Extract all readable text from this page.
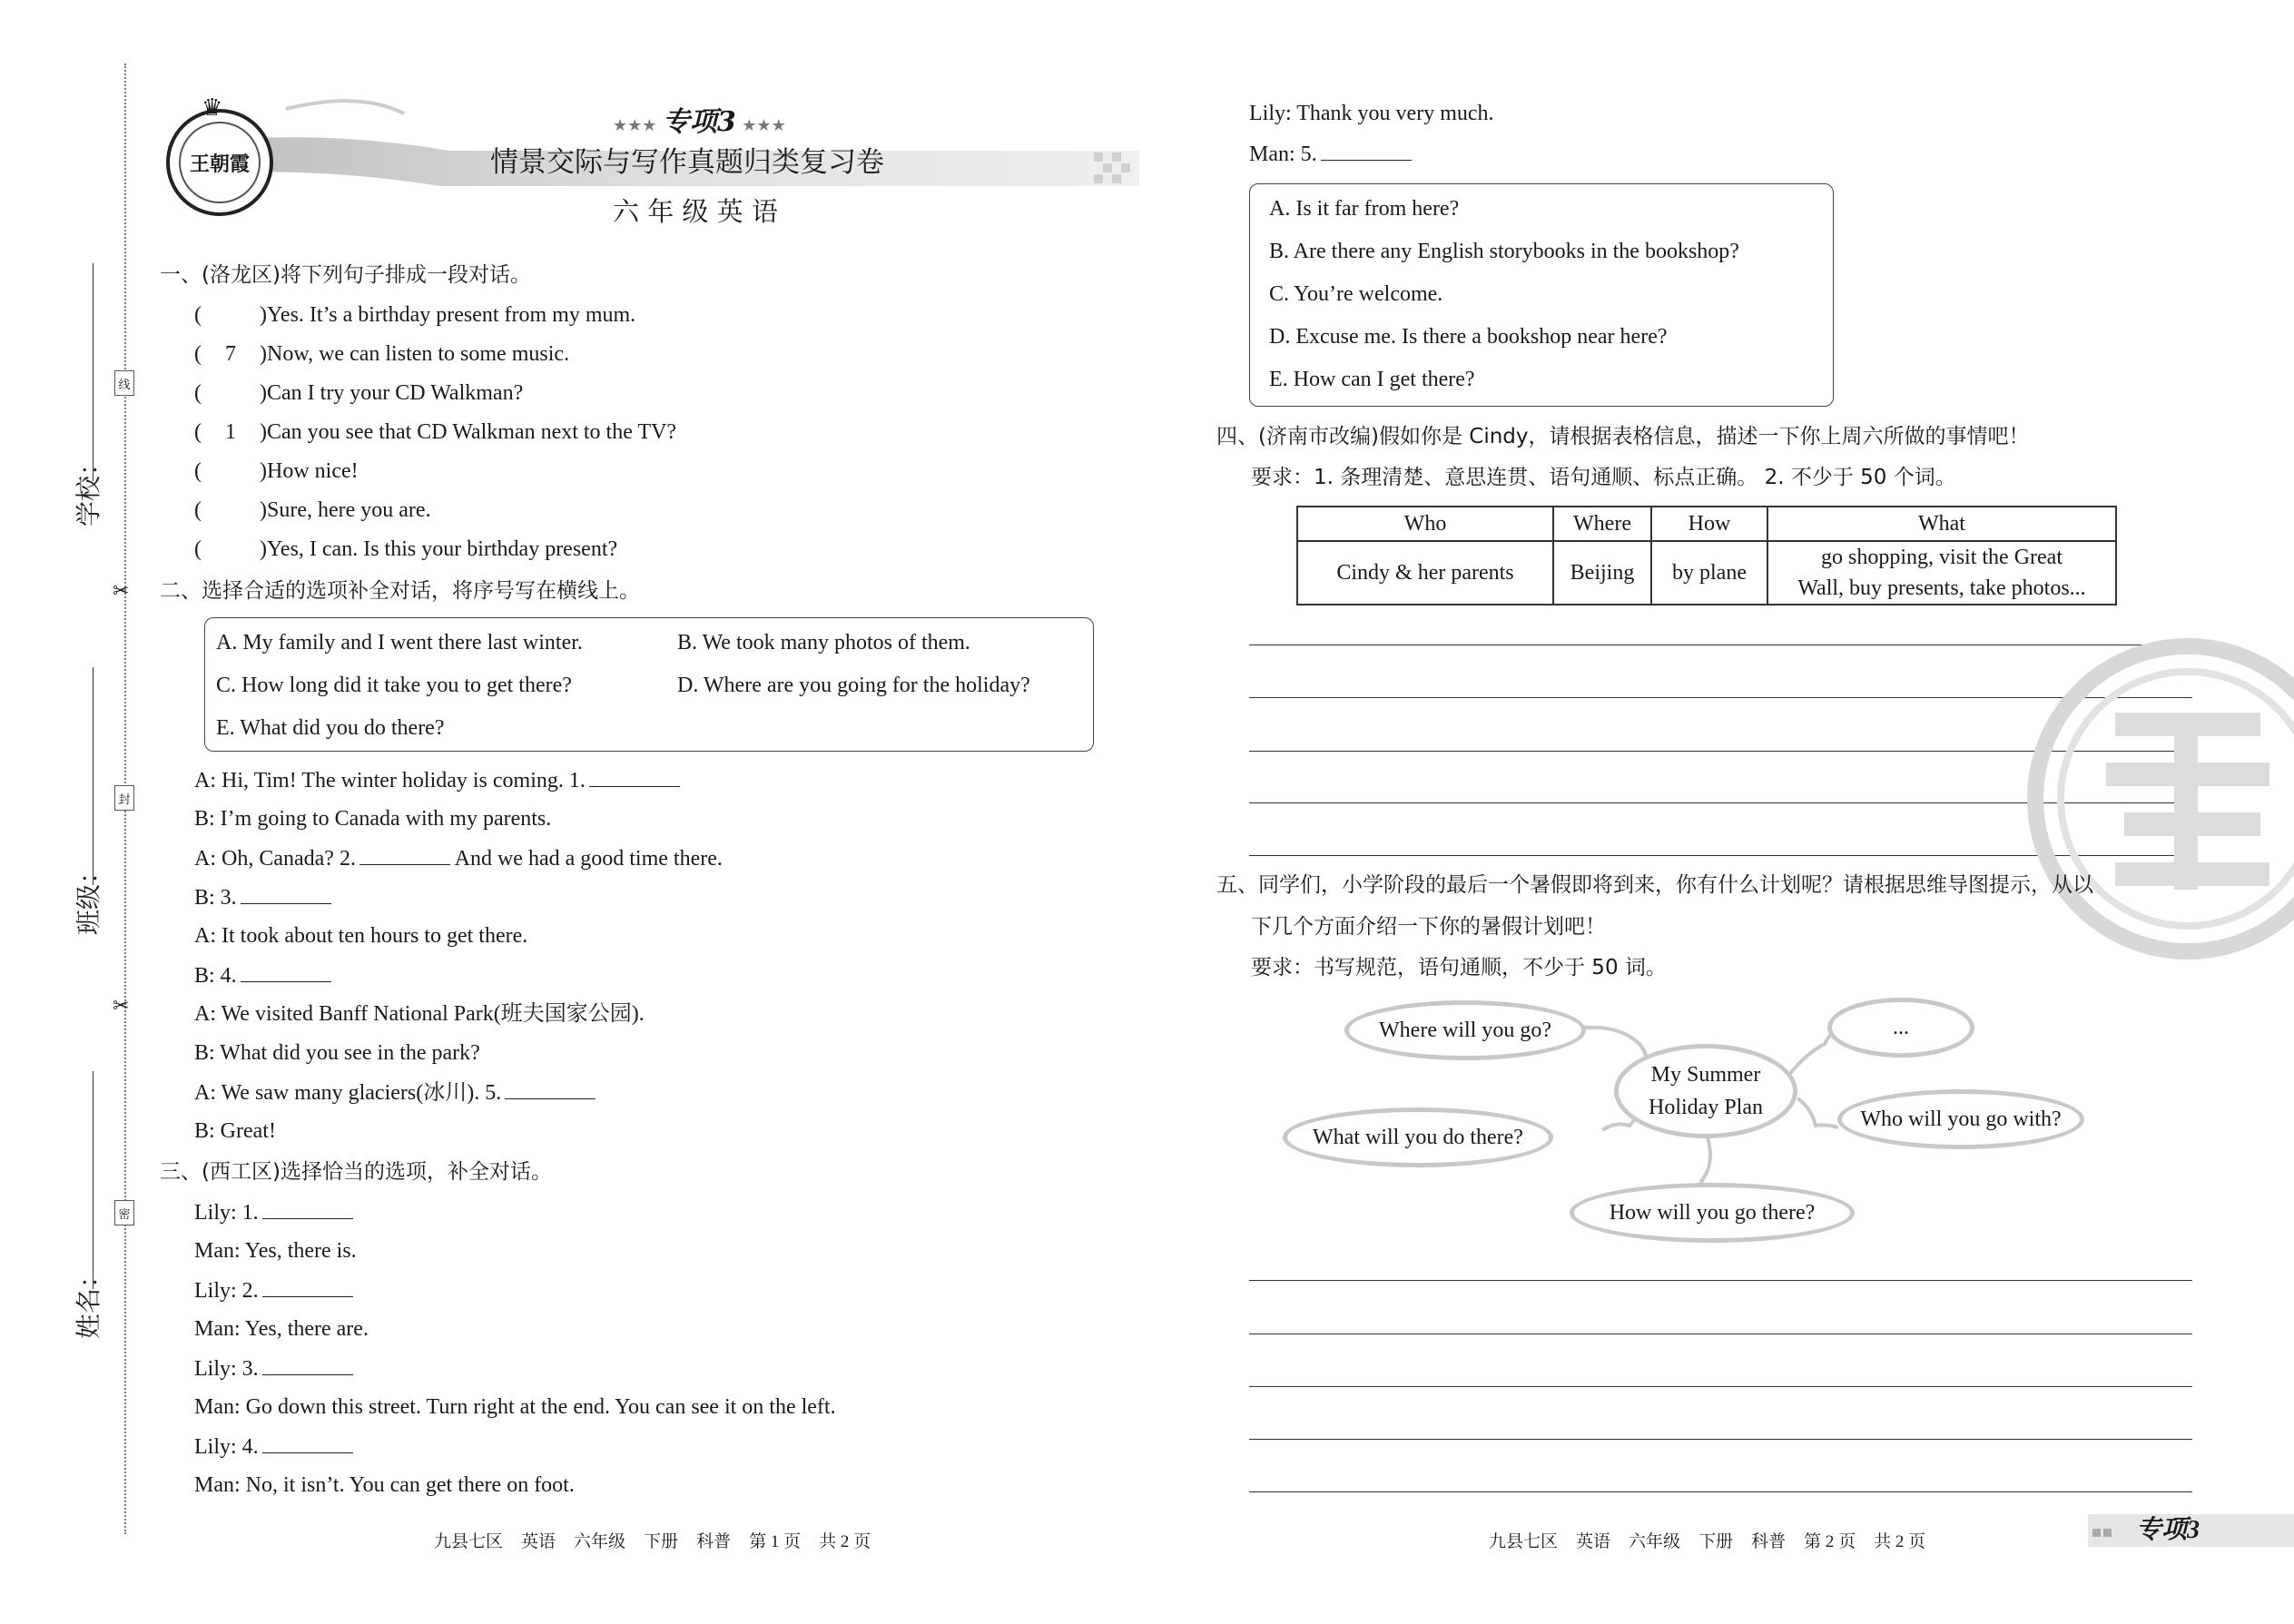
学校：
班级：
姓名：
线
封
密
✂
✂
王朝霞
♛
★★★ 专项3 ★★★
情景交际与写作真题归类复习卷
六 年 级 英 语
一、(洛龙区)将下列句子排成一段对话。
(	)Yes. It’s a birthday present from my mum.
( 7 )Now, we can listen to some music.
(	)Can I try your CD Walkman?
( 1 )Can you see that CD Walkman next to the TV?
(	)How nice!
(	)Sure, here you are.
(	)Yes, I can. Is this your birthday present?
二、选择合适的选项补全对话，将序号写在横线上。
A. My family and I went there last winter.	B. We took many photos of them.
C. How long did it take you to get there?	D. Where are you going for the holiday?
E. What did you do there?
A: Hi, Tim! The winter holiday is coming. 1.
B: I’m going to Canada with my parents.
A: Oh, Canada? 2.	And we had a good time there.
B: 3.
A: It took about ten hours to get there.
B: 4.
A: We visited Banff National Park(班夫国家公园).
B: What did you see in the park?
A: We saw many glaciers(冰川). 5.
B: Great!
三、(西工区)选择恰当的选项，补全对话。
Lily: 1.
Man: Yes, there is.
Lily: 2.
Man: Yes, there are.
Lily: 3.
Man: Go down this street. Turn right at the end. You can see it on the left.
Lily: 4.
Man: No, it isn’t. You can get there on foot.
Lily: Thank you very much.
Man: 5.
A. Is it far from here?
B. Are there any English storybooks in the bookshop?
C. You’re welcome.
D. Excuse me. Is there a bookshop near here?
E. How can I get there?
四、(济南市改编)假如你是 Cindy，请根据表格信息，描述一下你上周六所做的事情吧！
要求：1. 条理清楚、意思连贯、语句通顺、标点正确。 2. 不少于 50 个词。
Who	Where	How	What
Cindy & her parents	Beijing	by plane	go shopping, visit the Great
Wall, buy presents, take photos...
五、同学们，小学阶段的最后一个暑假即将到来，你有什么计划呢？请根据思维导图提示，从以
下几个方面介绍一下你的暑假计划吧！
要求：书写规范，语句通顺，不少于 50 词。
My Summer
Holiday Plan
Where will you go?	...
What will you do there?
Who will you go with?
How will you go there?
九县七区 英语 六年级 下册 科普 第 1 页 共 2 页	九县七区 英语 六年级 下册 科普 第 2 页 共 2 页	专项3
